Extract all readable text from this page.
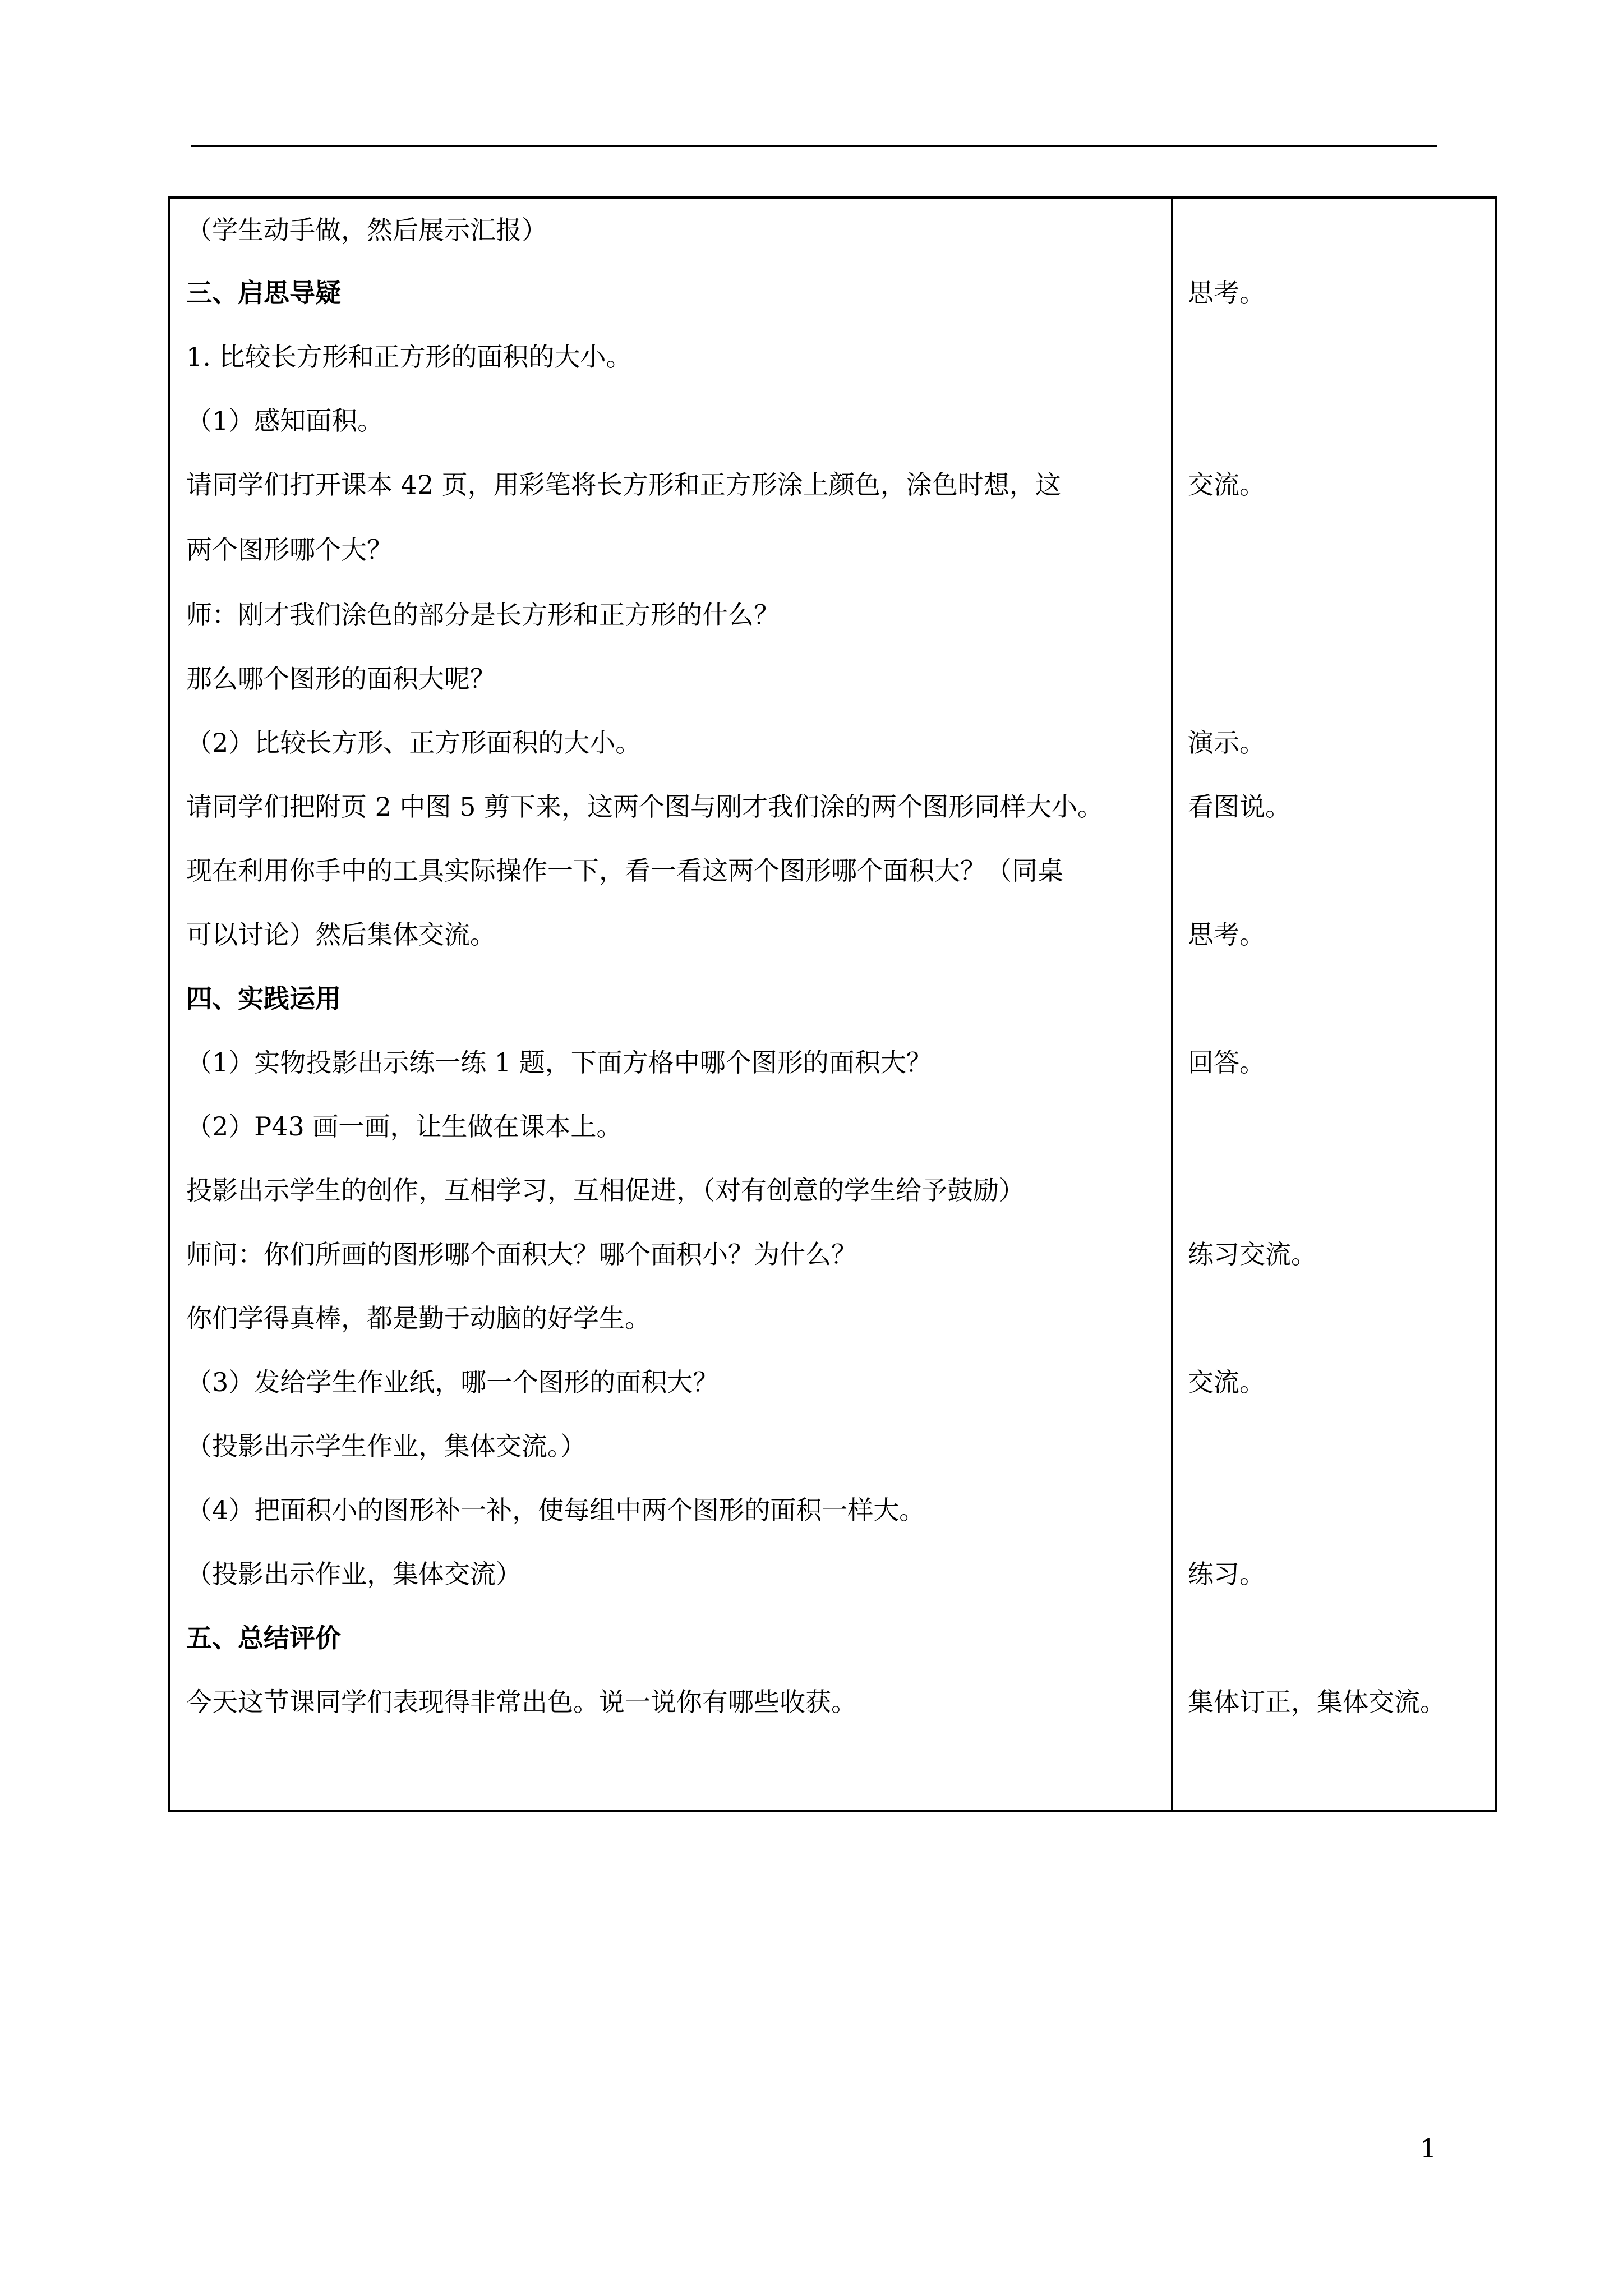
（学生动手做，然后展示汇报）
三、启思导疑
1. 比较长方形和正方形的面积的大小。
（1）感知面积。
请同学们打开课本 42 页，用彩笔将长方形和正方形涂上颜色，涂色时想，这
两个图形哪个大？
师：刚才我们涂色的部分是长方形和正方形的什么？
那么哪个图形的面积大呢？
（2）比较长方形、正方形面积的大小。
请同学们把附页 2 中图 5 剪下来，这两个图与刚才我们涂的两个图形同样大小。
现在利用你手中的工具实际操作一下，看一看这两个图形哪个面积大？（同桌
可以讨论）然后集体交流。
四、实践运用
（1）实物投影出示练一练 1 题，下面方格中哪个图形的面积大？
（2）P43 画一画，让生做在课本上。
投影出示学生的创作，互相学习，互相促进，（对有创意的学生给予鼓励）
师问：你们所画的图形哪个面积大？哪个面积小？为什么？
你们学得真棒，都是勤于动脑的好学生。
（3）发给学生作业纸，哪一个图形的面积大？
（投影出示学生作业，集体交流。）
（4）把面积小的图形补一补，使每组中两个图形的面积一样大。
（投影出示作业，集体交流）
五、总结评价
今天这节课同学们表现得非常出色。说一说你有哪些收获。
思考。
交流。
演示。
看图说。
思考。
回答。
练习交流。
交流。
练习。
集体订正，集体交流。
1
